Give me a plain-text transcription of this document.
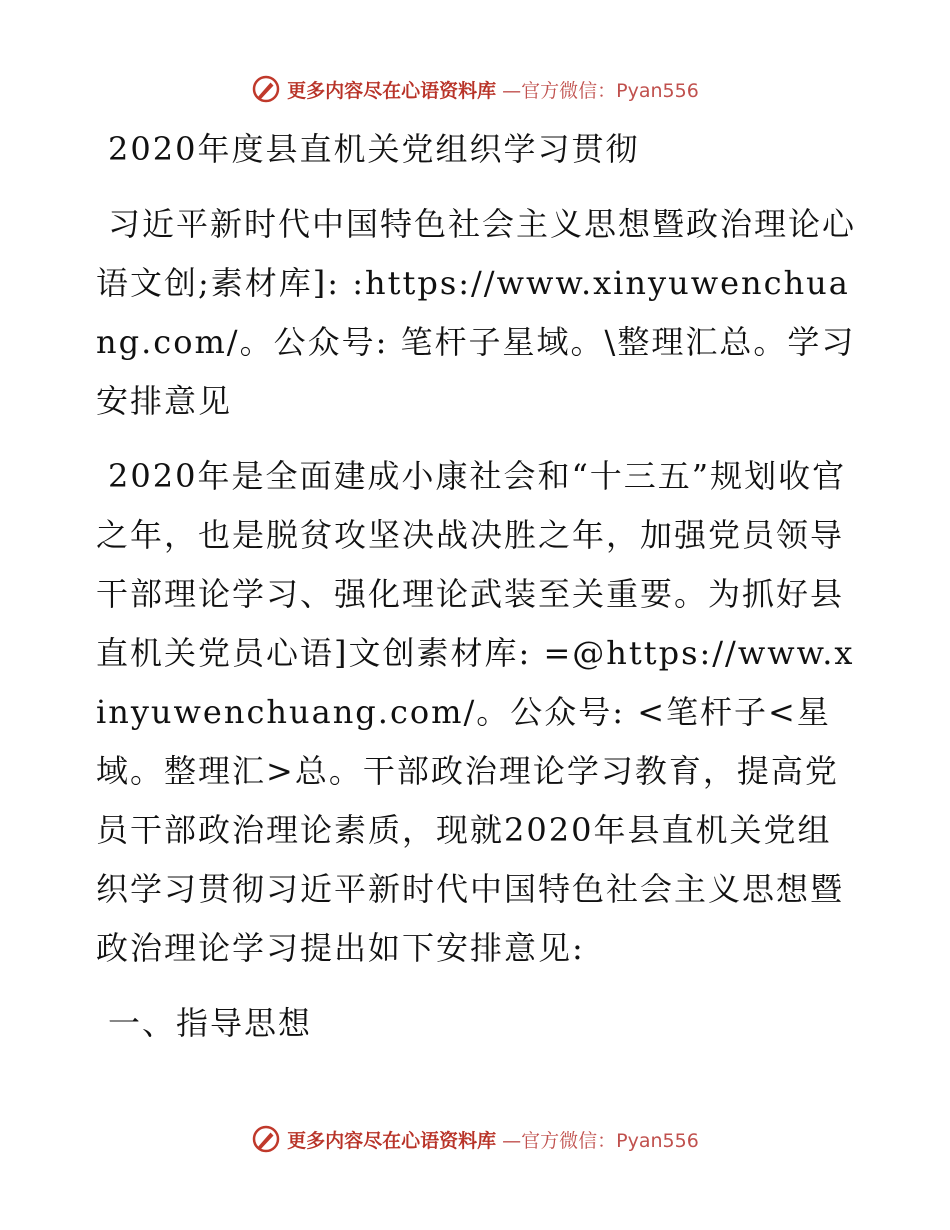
更多内容尽在心语资料库 —官方微信：Pyan556

2020年度县直机关党组织学习贯彻

习近平新时代中国特色社会主义思想暨政治理论心语文创;素材库]: :https://www.xinyuwenchuang.com/。公众号: 笔杆子星域。\整理汇总。学习安排意见

2020年是全面建成小康社会和“十三五”规划收官之年，也是脱贫攻坚决战决胜之年，加强党员领导干部理论学习、强化理论武装至关重要。为抓好县直机关党员心语]文创素材库: =@https://www.xinyuwenchuang.com/。公众号: <笔杆子<星域。整理汇>总。干部政治理论学习教育，提高党员干部政治理论素质，现就2020年县直机关党组织学习贯彻习近平新时代中国特色社会主义思想暨政治理论学习提出如下安排意见:

一、指导思想

更多内容尽在心语资料库 —官方微信：Pyan556
